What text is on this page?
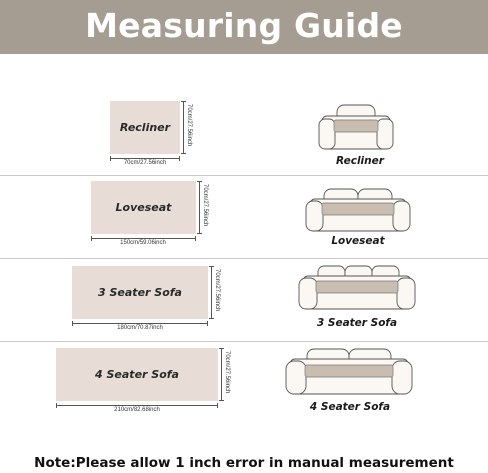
Measuring Guide
Recliner	70cm/27.56inch
70cm/27.56inch	Recliner
Loveseat	70cm/27.56inch
150cm/59.06inch	Loveseat
3 Seater Sofa	70cm/27.56inch
180cm/70.87inch	3 Seater Sofa
4 Seater Sofa	70cm/27.56inch
210cm/82.68inch	4 Seater Sofa
Note:Please allow 1 inch error in manual measurement
